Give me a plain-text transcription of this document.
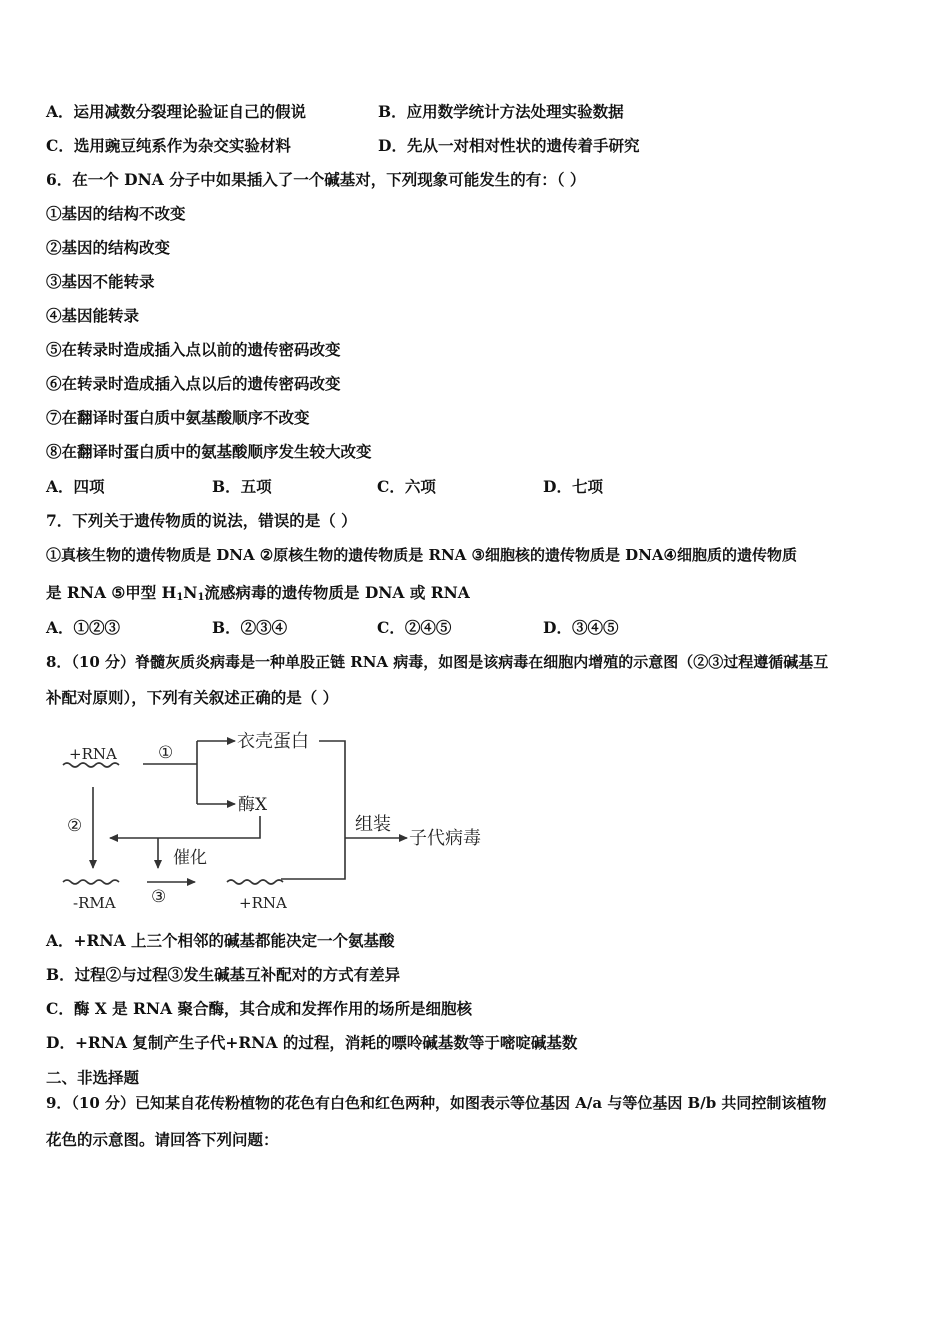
A．运用减数分裂理论验证自己的假说	B．应用数学统计方法处理实验数据
C．选用豌豆纯系作为杂交实验材料	D．先从一对相对性状的遗传着手研究
6．在一个 DNA 分子中如果插入了一个碱基对，下列现象可能发生的有：（ ）
①基因的结构不改变
②基因的结构改变
③基因不能转录
④基因能转录
⑤在转录时造成插入点以前的遗传密码改变
⑥在转录时造成插入点以后的遗传密码改变
⑦在翻译时蛋白质中氨基酸顺序不改变
⑧在翻译时蛋白质中的氨基酸顺序发生较大改变
A．四项	B．五项	C．六项	D．七项
7．下列关于遗传物质的说法，错误的是（ ）
①真核生物的遗传物质是 DNA ②原核生物的遗传物质是 RNA ③细胞核的遗传物质是 DNA④细胞质的遗传物质
是 RNA ⑤甲型 $H_1N_1$流感病毒的遗传物质是 DNA 或 RNA
A．①②③	B．②③④	C．②④⑤	D．③④⑤
8．（10 分）脊髓灰质炎病毒是一种单股正链 RNA 病毒，如图是该病毒在细胞内增殖的示意图（②③过程遵循碱基互
补配对原则），下列有关叙述正确的是（ ）
+RNA ①
衣壳蛋白
酶X
②	组装
子代病毒
催化
③
-RMA	+RNA
A．+RNA 上三个相邻的碱基都能决定一个氨基酸
B．过程②与过程③发生碱基互补配对的方式有差异
C．酶 X 是 RNA 聚合酶，其合成和发挥作用的场所是细胞核
D．+RNA 复制产生子代+RNA 的过程，消耗的嘌呤碱基数等于嘧啶碱基数
二、非选择题
9．（10 分）已知某自花传粉植物的花色有白色和红色两种，如图表示等位基因 A/a 与等位基因 B/b 共同控制该植物
花色的示意图。请回答下列问题：
